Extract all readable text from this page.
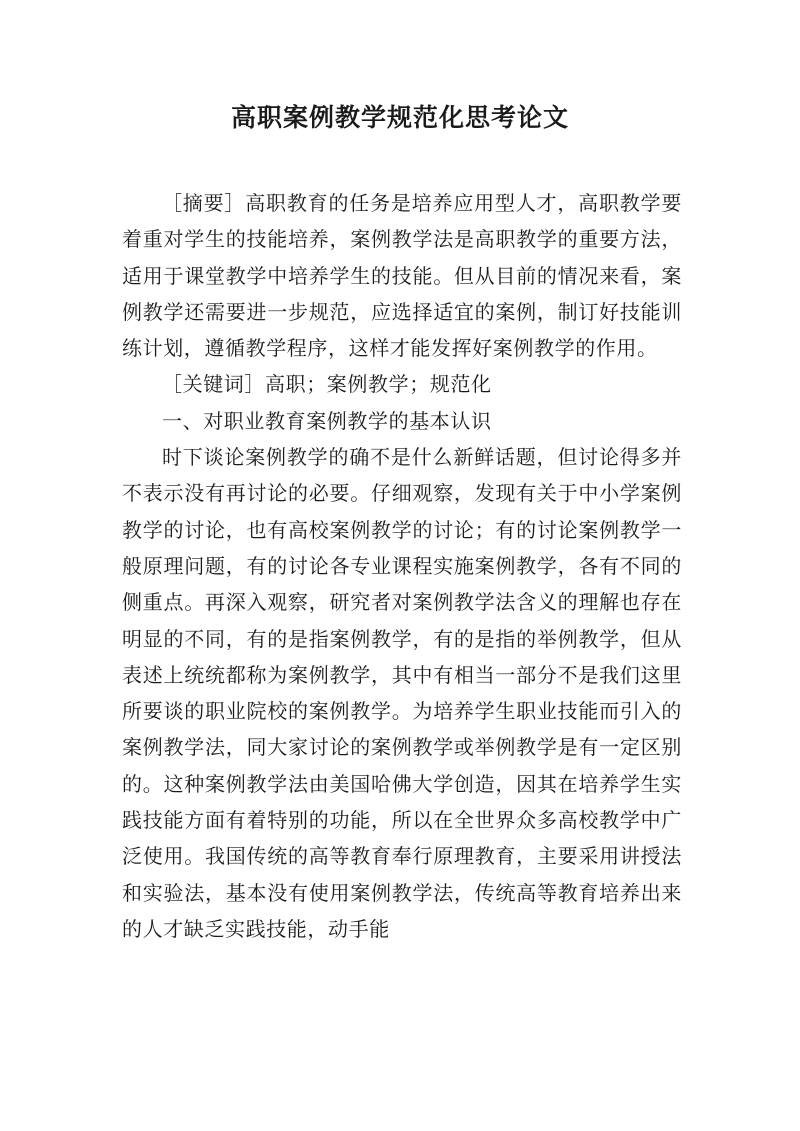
高职案例教学规范化思考论文

［摘要］高职教育的任务是培养应用型人才，高职教学要着重对学生的技能培养，案例教学法是高职教学的重要方法，适用于课堂教学中培养学生的技能。但从目前的情况来看，案例教学还需要进一步规范，应选择适宜的案例，制订好技能训练计划，遵循教学程序，这样才能发挥好案例教学的作用。

［关键词］高职；案例教学；规范化

一、对职业教育案例教学的基本认识

时下谈论案例教学的确不是什么新鲜话题，但讨论得多并不表示没有再讨论的必要。仔细观察，发现有关于中小学案例教学的讨论，也有高校案例教学的讨论；有的讨论案例教学一般原理问题，有的讨论各专业课程实施案例教学，各有不同的侧重点。再深入观察，研究者对案例教学法含义的理解也存在明显的不同，有的是指案例教学，有的是指的举例教学，但从表述上统统都称为案例教学，其中有相当一部分不是我们这里所要谈的职业院校的案例教学。为培养学生职业技能而引入的案例教学法，同大家讨论的案例教学或举例教学是有一定区别的。这种案例教学法由美国哈佛大学创造，因其在培养学生实践技能方面有着特别的功能，所以在全世界众多高校教学中广泛使用。我国传统的高等教育奉行原理教育，主要采用讲授法和实验法，基本没有使用案例教学法，传统高等教育培养出来的人才缺乏实践技能，动手能
